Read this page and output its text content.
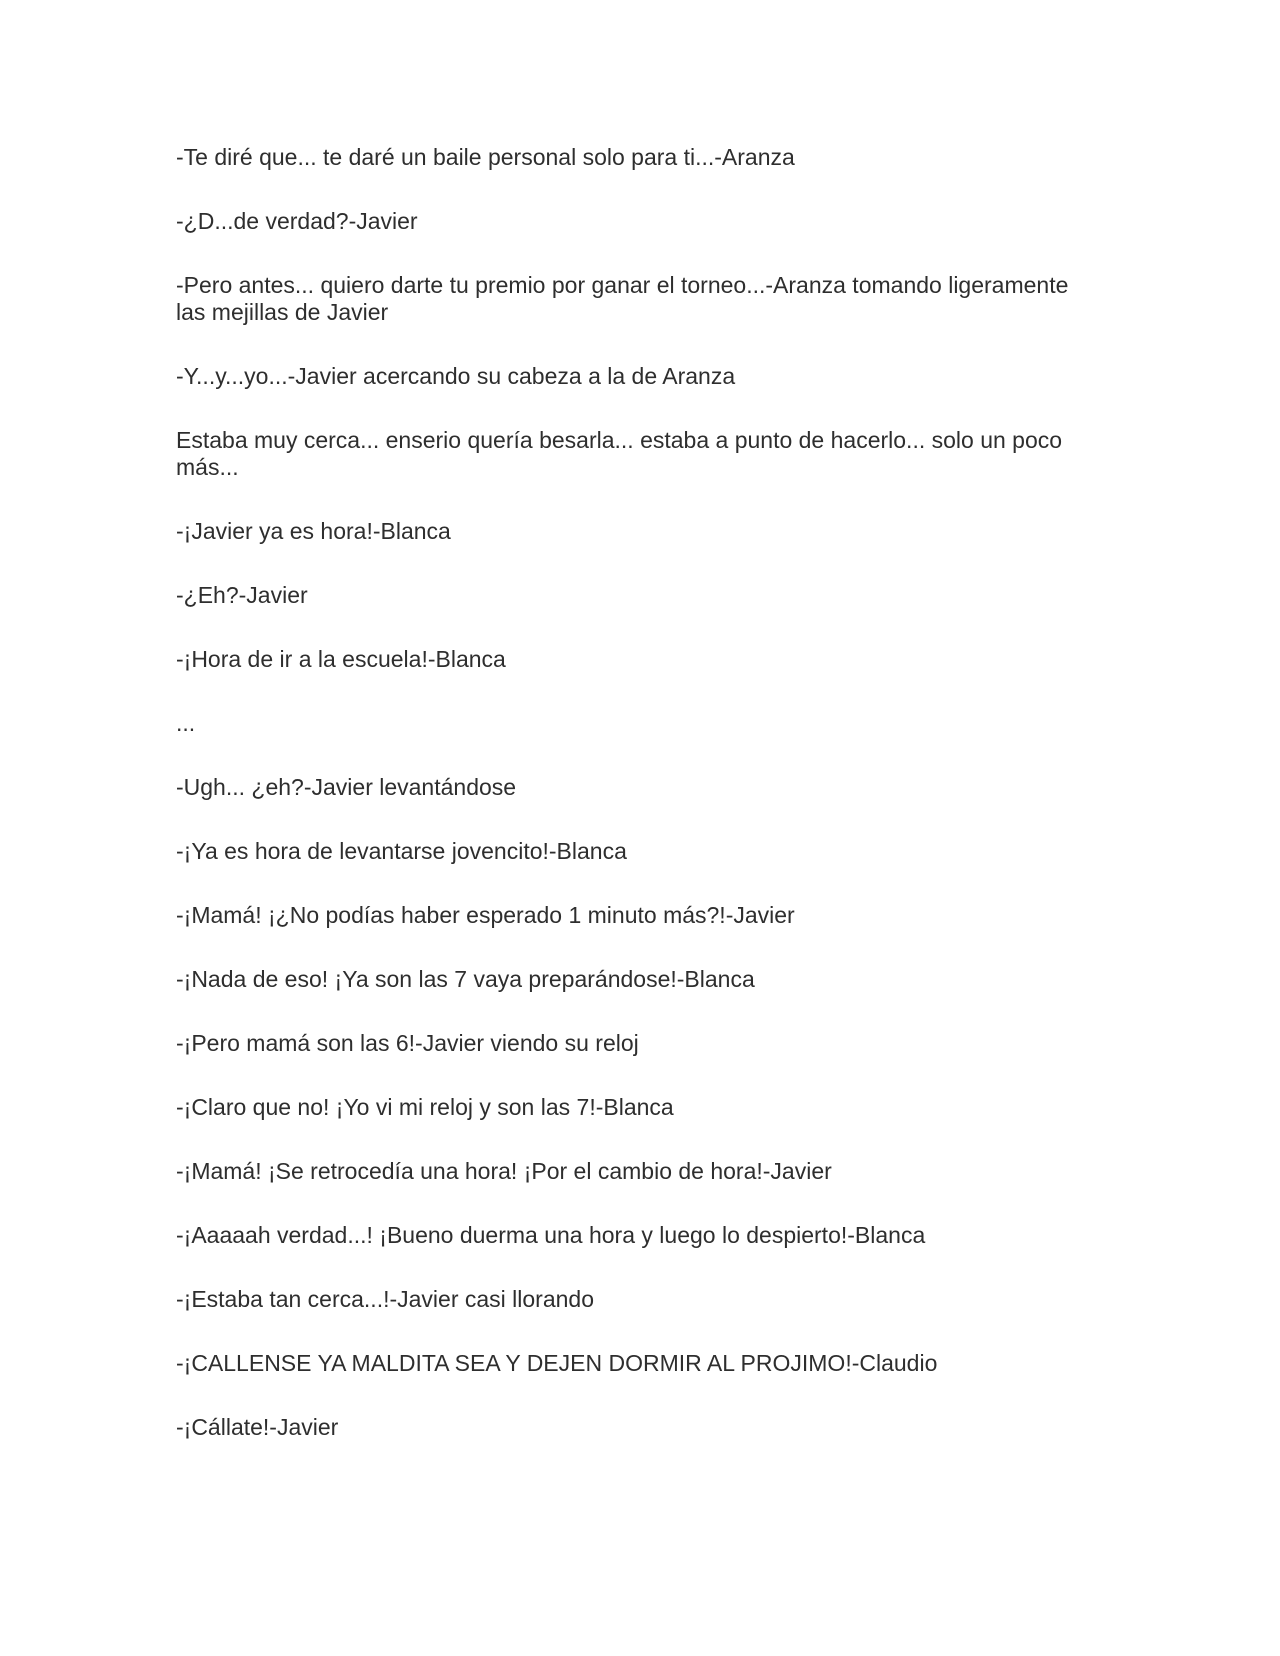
-Te diré que... te daré un baile personal solo para ti...-Aranza

-¿D...de verdad?-Javier

-Pero antes... quiero darte tu premio por ganar el torneo...-Aranza tomando ligeramente las mejillas de Javier

-Y...y...yo...-Javier acercando su cabeza a la de Aranza

Estaba muy cerca... enserio quería besarla... estaba a punto de hacerlo... solo un poco más...

-¡Javier ya es hora!-Blanca

-¿Eh?-Javier

-¡Hora de ir a la escuela!-Blanca

...

-Ugh... ¿eh?-Javier levantándose

-¡Ya es hora de levantarse jovencito!-Blanca

-¡Mamá! ¡¿No podías haber esperado 1 minuto más?!-Javier

-¡Nada de eso! ¡Ya son las 7 vaya preparándose!-Blanca

-¡Pero mamá son las 6!-Javier viendo su reloj

-¡Claro que no! ¡Yo vi mi reloj y son las 7!-Blanca

-¡Mamá! ¡Se retrocedía una hora! ¡Por el cambio de hora!-Javier

-¡Aaaaah verdad...! ¡Bueno duerma una hora y luego lo despierto!-Blanca

-¡Estaba tan cerca...!-Javier casi llorando

-¡CALLENSE YA MALDITA SEA Y DEJEN DORMIR AL PROJIMO!-Claudio

-¡Cállate!-Javier
